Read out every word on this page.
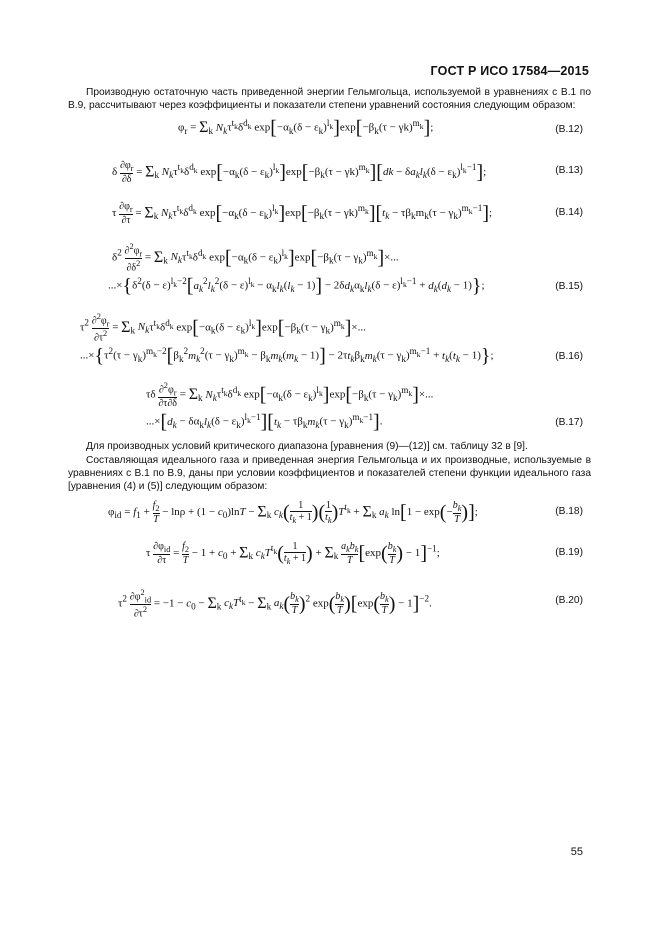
ГОСТ Р ИСО 17584—2015
Производную остаточную часть приведенной энергии Гельмгольца, используемой в уравнениях с В.1 по В.9, рассчитывают через коэффициенты и показатели степени уравнений состояния следующим образом:
$\varphi_r = \Sigma_k$ $N_k\tau^{t_k}\delta^{d_k}$ $\exp[-\alpha_k(\delta - \varepsilon_k)^{l_k}]\exp[-\beta_k(\tau - \gamma k)^{m_k}]$;	(В.12)
δ $\frac{\partial\varphi_r}{\partial\delta} = \Sigma_k$ $N_k\tau^{t_k}\delta^{d_k}$ $\exp[-\alpha_k(\delta - \varepsilon_k)^{l_k}]\exp[-\beta_k(\tau - \gamma k)^{m_k}][dk - \delta a_kl_k(\delta - \varepsilon_k)^{l_k-1}]$;	(В.13)
τ $\frac{\partial\varphi_r}{\partial\tau} = \Sigma_k$ $N_k\tau^{t_k}\delta^{d_k}$ $\exp[-\alpha_k(\delta - \varepsilon_k)^{l_k}]\exp[-\beta_k(\tau - \gamma k)^{m_k}][t_k - \tau\beta_km_k(\tau - \gamma_k)^{m_k-1}]$;	(В.14)
$\delta^2 \frac{\partial^2\varphi_r}{\partial\delta^2} = \Sigma_k$ $N_k\tau^{t_k}\delta^{d_k}$ $\exp[-\alpha_k(\delta - \varepsilon_k)^{l_k}]\exp[-\beta_k(\tau - \gamma_k)^{m_k}]\times$...
$...\times\{\delta^2(\delta - \varepsilon)^{l_k-2}[a_k^2l_k^2(\delta - \varepsilon)^{l_k} - \alpha_kl_k(l_k - 1)] - 2\delta d_k\alpha_kl_k(\delta - \varepsilon)^{l_k-1} + d_k(d_k - 1)\}$;	(В.15)
$\tau^2 \frac{\partial^2\varphi_r}{\partial\tau^2} = \Sigma_k$ $N_k\tau^{t_k}\delta^{d_k}$ $\exp[-\alpha_k(\delta - \varepsilon_k)^{l_k}]\exp[-\beta_k(\tau - \gamma_k)^{m_k}]\times$...
$...\times\{\tau^2(\tau - \gamma_k)^{m_k-2}[\beta_k^2m_k^2(\tau - \gamma_k)^{m_k} - \beta_km_k(m_k - 1)] - 2\tau t_k\beta_km_k(\tau - \gamma_k)^{m_k-1} + t_k(t_k - 1)\}$;	(В.16)
τδ $\frac{\partial^2\varphi_r}{\partial\tau\partial\delta} = \Sigma_k$ $N_k\tau^{t_k}\delta^{d_k}$ $\exp[-\alpha_k(\delta - \varepsilon_k)^{l_k}]\exp[-\beta_k(\tau - \gamma_k)^{m_k}]\times$...
$...\times[d_k - \delta\alpha_kl_k(\delta - \varepsilon_k)^{l_k-1}][t_k - \tau\beta_km_k(\tau - \gamma_k)^{m_k-1}]$.	(В.17)
Для производных условий критического диапазона [уравнения (9)—(12)] см. таблицу 32 в [9].
Составляющая идеального газа и приведенная энергия Гельмгольца и их производные, используемые в уравнениях с В.1 по В.9, даны при условии коэффициентов и показателей степени функции идеального газа [уравнения (4) и (5)] следующим образом:
$\varphi_{id} = f_1 + \frac{f_2}{T} - \ln\rho + (1 - c_0)\ln T - \Sigma_k$ $c_k( \frac{1}{t_k + 1}$ )( $\frac{1}{t_k} )T^{t_k} + \Sigma_k$ $a_k$ $\ln[1 - \exp(- \frac{b_k}{T}$ )];	(В.18)
τ
$\partial\varphi_{id}$
∂τ
= $\frac{f_2}{T} - 1 + c_0 + \Sigma_k$ $c_kT^{t_k}( \frac{1}{t_k + 1}$ ) + $\Sigma_k$
$a_kb_k$
T [$\exp( \frac{b_k}{T}$ ) − 1]$^{-1}$;	(В.19)
$\tau^2 \frac{\partial\varphi^2_{id}}{\partial\tau^2} = -1 - c_0 - \Sigma_k$ $c_kT^{t_k} - \Sigma_k$ $a_k( \frac{b_k}{T} )^2$ $\exp( \frac{b_k}{T} )[\exp( \frac{b_k}{T}$ ) − 1]$^{-2}$.	(В.20)
55
